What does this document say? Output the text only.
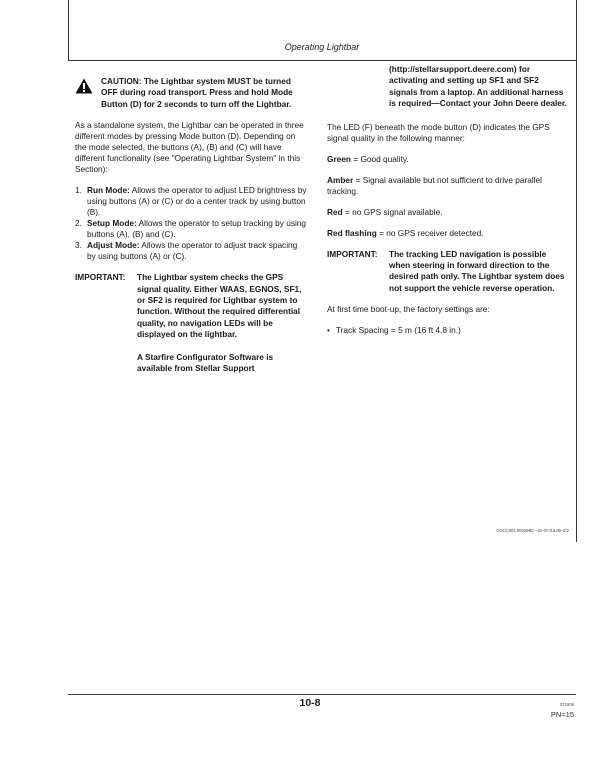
Operating Lightbar
CAUTION: The Lightbar system MUST be turned OFF during road transport. Press and hold Mode Button (D) for 2 seconds to turn off the Lightbar.

As a standalone system, the Lightbar can be operated in three different modes by pressing Mode button (D). Depending on the mode selected, the buttons (A), (B) and (C) will have different functionality (see "Operating Lightbar System" in this Section):

1. Run Mode: Allows the operator to adjust LED brightness by using buttons (A) or (C) or do a center track by using button (B).
2. Setup Mode: Allows the operator to setup tracking by using buttons (A), (B) and (C).
3. Adjust Mode: Allows the operator to adjust track spacing by using buttons (A) or (C).
IMPORTANT:	The Lightbar system checks the GPS signal quality. Either WAAS, EGNOS, SF1, or SF2 is required for Lightbar system to function. Without the required differential quality, no navigation LEDs will be displayed on the lightbar.
A Starfire Configurator Software is available from Stellar Support
(http://stellarsupport.deere.com) for activating and setting up SF1 and SF2 signals from a laptop. An additional harness is required—Contact your John Deere dealer.

The LED (F) beneath the mode button (D) indicates the GPS signal quality in the following manner:

Green = Good quality.

Amber = Signal available but not sufficient to drive parallel tracking.

Red = no GPS signal available.

Red flashing = no GPS receiver detected.

IMPORTANT:	The tracking LED navigation is possible when steering in forward direction to the desired path only. The Lightbar system does not support the vehicle reverse operation.

At first time boot-up, the factory settings are:

• Track Spacing = 5 m (16 ft 4.8 in.)
OUCC002,00029B0 –19–07JUL06–2/2
10-8	071806
PN=15
